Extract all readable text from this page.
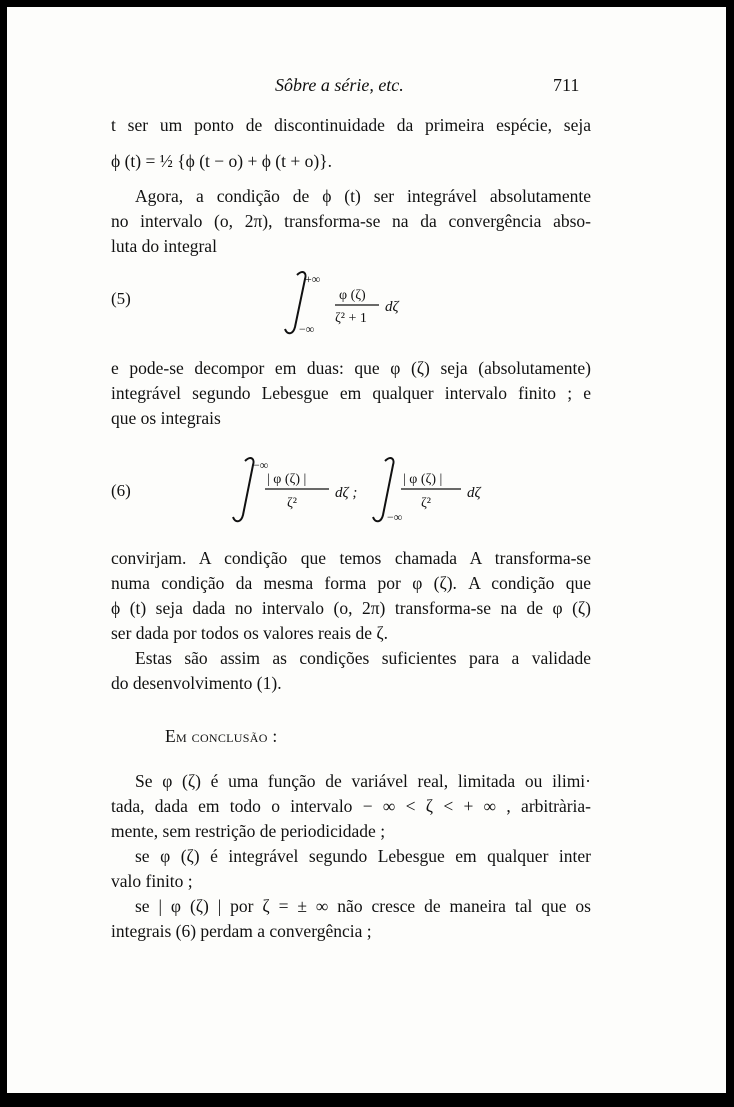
Sôbre a série, etc.	711
t ser um ponto de discontinuidade da primeira espécie, seja
ϕ (t) = ½ {ϕ (t − o) + ϕ (t + o)}.
Agora, a condição de ϕ (t) ser integrável absolutamente
no intervalo (o, 2π), transforma-se na da convergência abso-
luta do integral
(5)
+∞
−∞
φ (ζ)
ζ² + 1
dζ
e pode-se decompor em duas: que φ (ζ) seja (absolutamente)
integrável segundo Lebesgue em qualquer intervalo finito ; e
que os integrais
(6)
−∞
| φ (ζ) |
ζ²
dζ ;
−∞
| φ (ζ) |
ζ²
dζ
convirjam. A condição que temos chamada A transforma-se
numa condição da mesma forma por φ (ζ). A condição que
ϕ (t) seja dada no intervalo (o, 2π) transforma-se na de φ (ζ)
ser dada por todos os valores reais de ζ.
Estas são assim as condições suficientes para a validade
do desenvolvimento (1).
Em conclusão :
Se φ (ζ) é uma função de variável real, limitada ou ilimi·
tada, dada em todo o intervalo − ∞ < ζ < + ∞ , arbitrària-
mente, sem restrição de periodicidade ;
se φ (ζ) é integrável segundo Lebesgue em qualquer inter
valo finito ;
se | φ (ζ) | por ζ = ± ∞ não cresce de maneira tal que os
integrais (6) perdam a convergência ;
